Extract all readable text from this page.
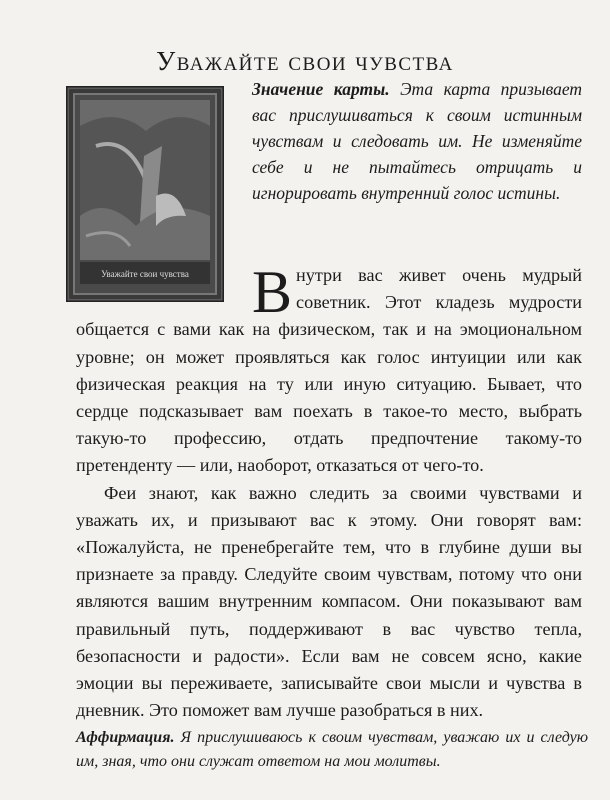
Уважайте свои чувства
Уважайте свои чувства
Значение карты. Эта карта призывает вас прислушиваться к своим истинным чувствам и следовать им. Не изменяйте себе и не пытайтесь отрицать и игнорировать внутренний голос истины.

Внутри вас живет очень мудрый советник. Этот кладезь мудрости общается с вами как на физическом, так и на эмоциональном уровне; он может проявляться как голос интуиции или как физическая реакция на ту или иную ситуацию. Бывает, что сердце подсказывает вам поехать в такое-то место, выбрать такую-то профессию, отдать предпочтение такому-то претенденту — или, наоборот, отказаться от чего-то.

Феи знают, как важно следить за своими чувствами и уважать их, и призывают вас к этому. Они говорят вам: «Пожалуйста, не пренебрегайте тем, что в глубине души вы признаете за правду. Следуйте своим чувствам, потому что они являются вашим внутренним компасом. Они показывают вам правильный путь, поддерживают в вас чувство тепла, безопасности и радости». Если вам не совсем ясно, какие эмоции вы переживаете, записывайте свои мысли и чувства в дневник. Это поможет вам лучше разобраться в них.

Аффирмация. Я прислушиваюсь к своим чувствам, уважаю их и следую им, зная, что они служат ответом на мои молитвы.
